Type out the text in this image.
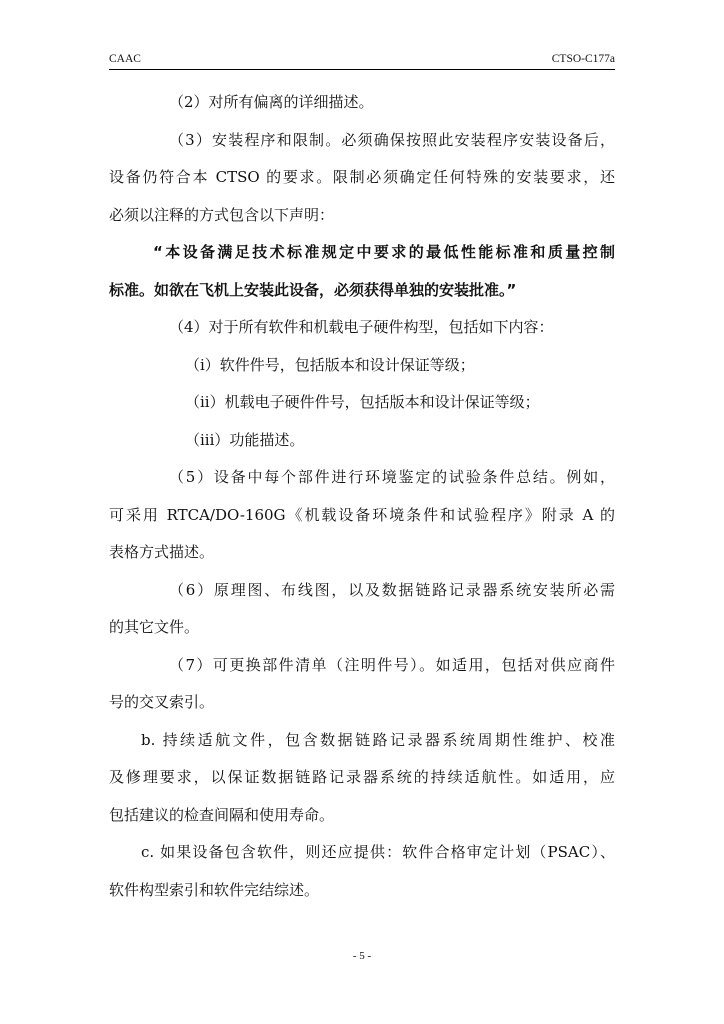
CAAC	CTSO-C177a
（2）对所有偏离的详细描述。
（3）安装程序和限制。必须确保按照此安装程序安装设备后，
设备仍符合本 CTSO 的要求。限制必须确定任何特殊的安装要求，还
必须以注释的方式包含以下声明：
“本设备满足技术标准规定中要求的最低性能标准和质量控制
标准。如欲在飞机上安装此设备，必须获得单独的安装批准。”
（4）对于所有软件和机载电子硬件构型，包括如下内容：
（i）软件件号，包括版本和设计保证等级；
（ii）机载电子硬件件号，包括版本和设计保证等级；
（iii）功能描述。
（5）设备中每个部件进行环境鉴定的试验条件总结。例如，
可采用 RTCA/DO-160G《机载设备环境条件和试验程序》附录 A 的
表格方式描述。
（6）原理图、布线图，以及数据链路记录器系统安装所必需
的其它文件。
（7）可更换部件清单（注明件号）。如适用，包括对供应商件
号的交叉索引。
b. 持续适航文件，包含数据链路记录器系统周期性维护、校准
及修理要求，以保证数据链路记录器系统的持续适航性。如适用，应
包括建议的检查间隔和使用寿命。
c. 如果设备包含软件，则还应提供：软件合格审定计划（PSAC）、
软件构型索引和软件完结综述。
- 5 -
